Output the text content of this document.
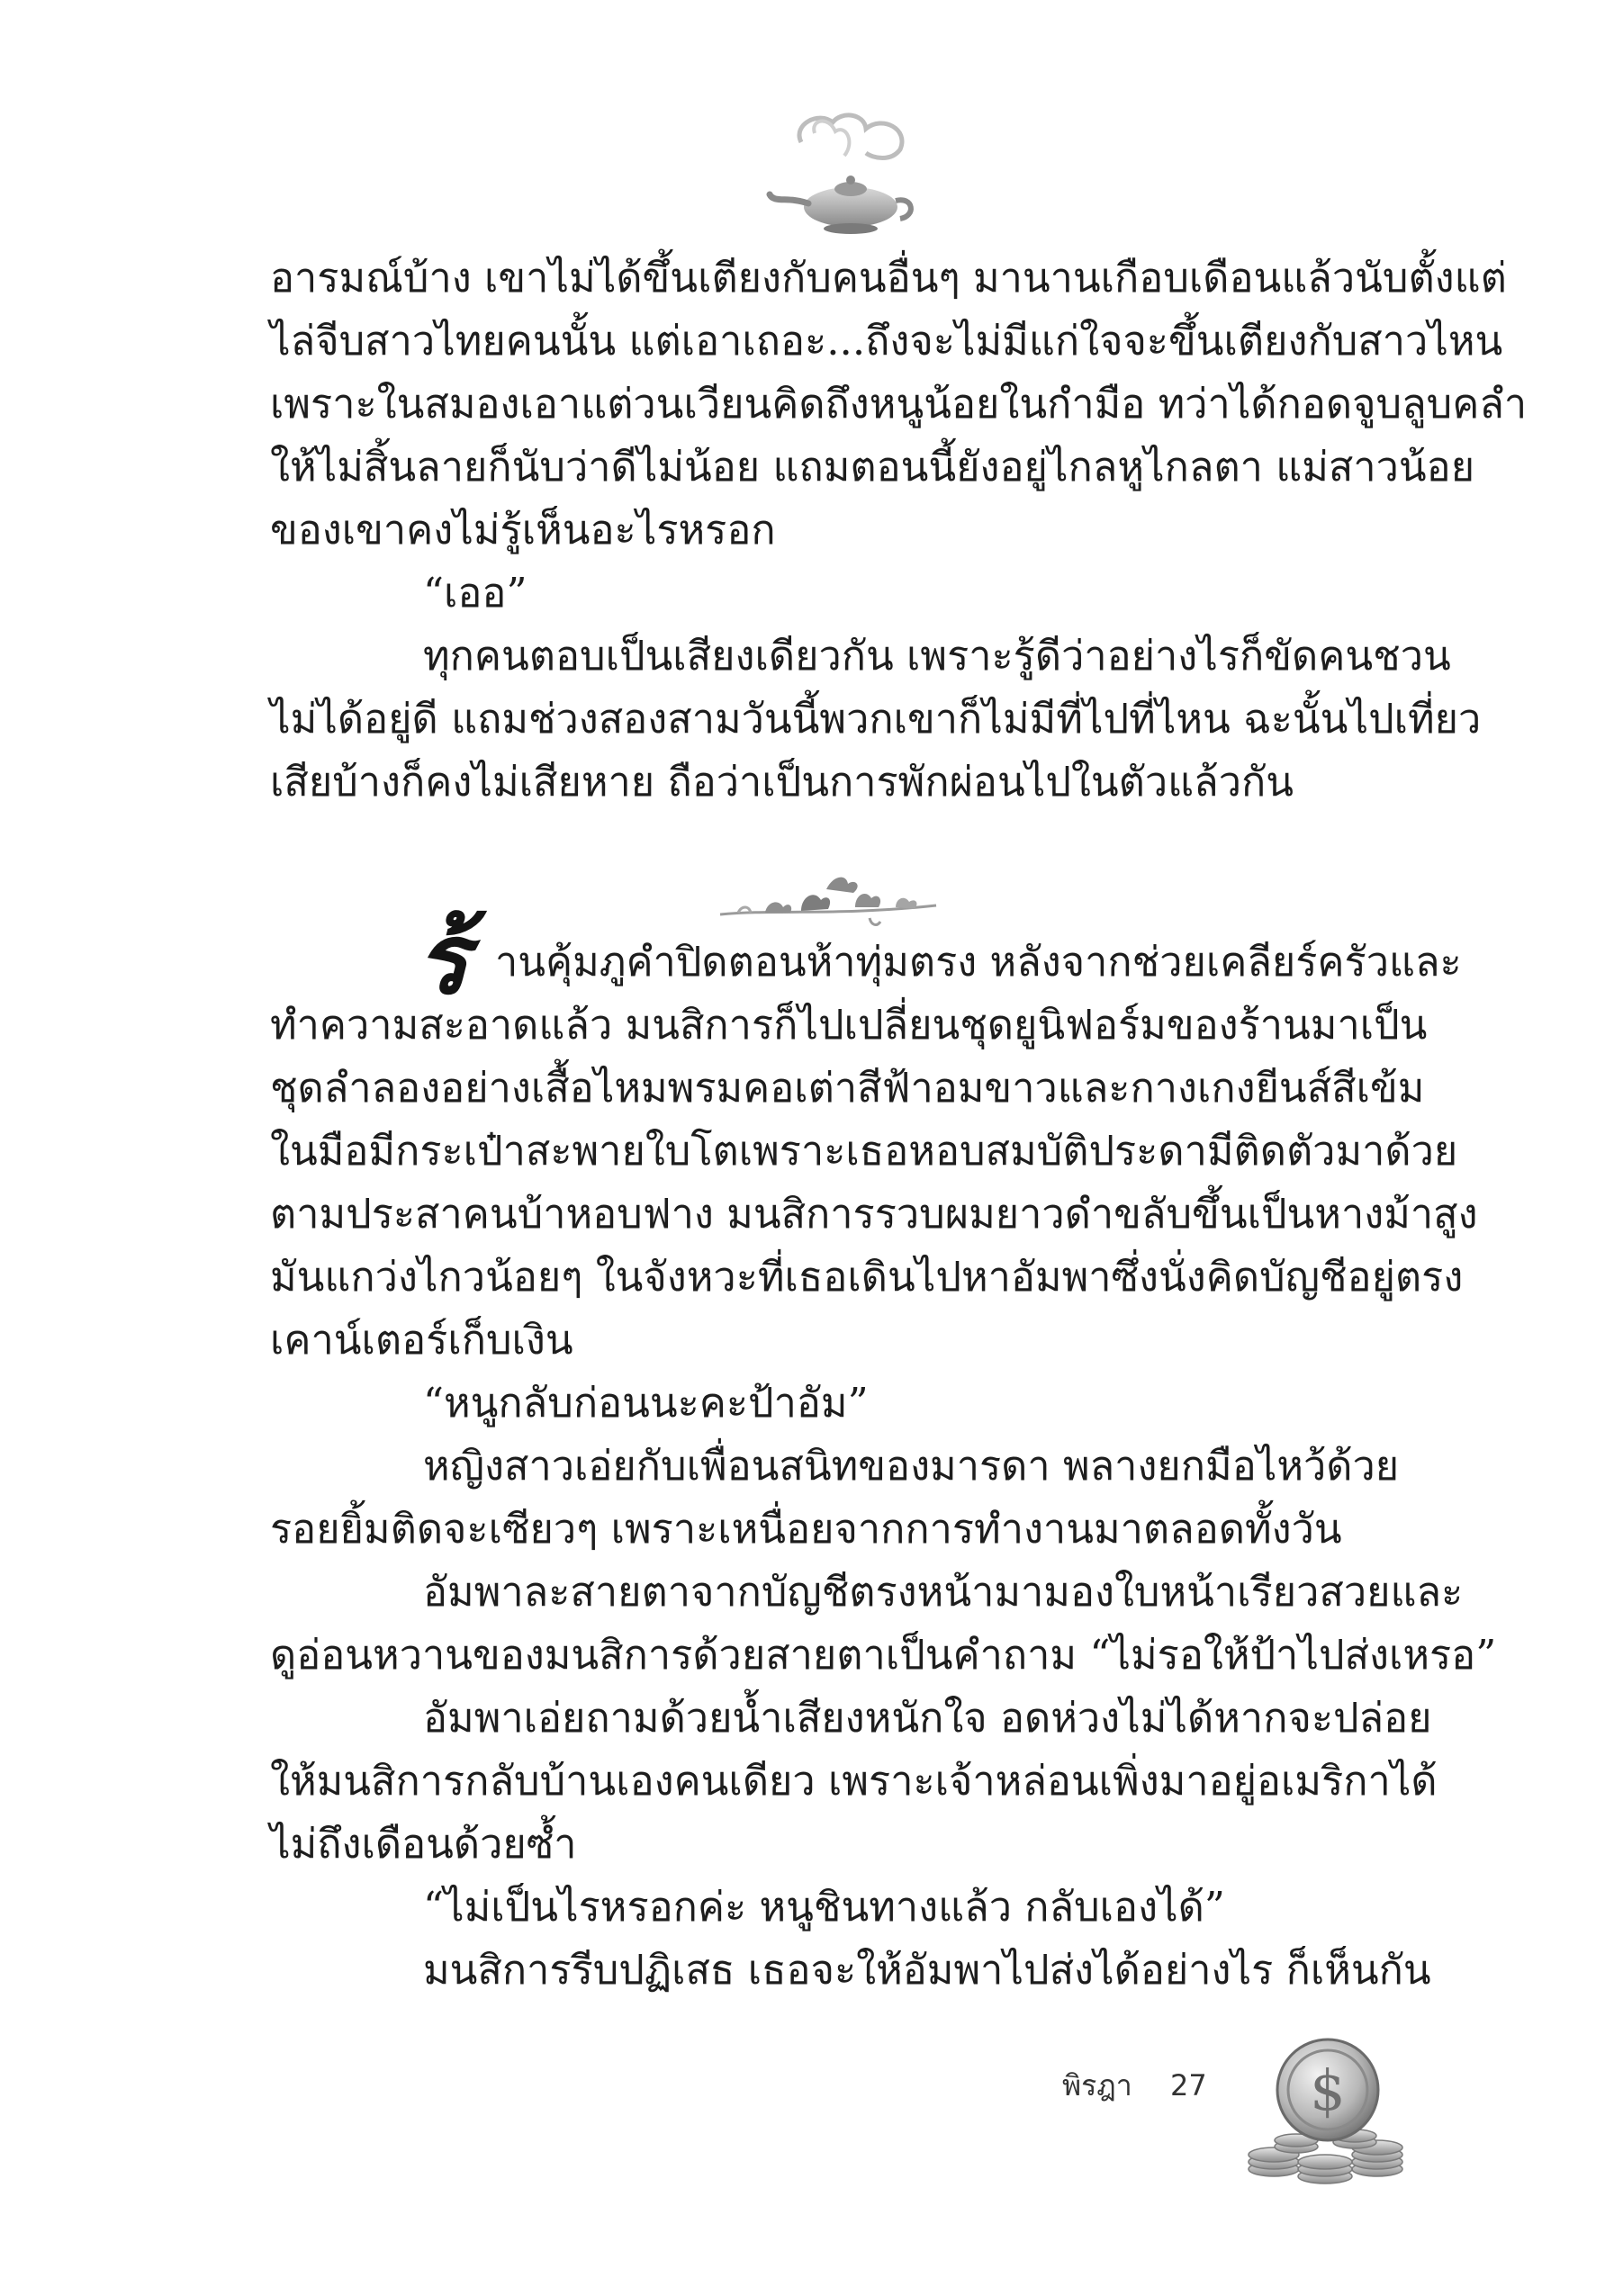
อารมณ์บ้าง เขาไม่ได้ขึ้นเตียงกับคนอื่นๆ มานานเกือบเดือนแล้วนับตั้งแต่
ไล่จีบสาวไทยคนนั้น แต่เอาเถอะ...ถึงจะไม่มีแก่ใจจะขึ้นเตียงกับสาวไหน
เพราะในสมองเอาแต่วนเวียนคิดถึงหนูน้อยในกำมือ ทว่าได้กอดจูบลูบคลำ
ให้ไม่สิ้นลายก็นับว่าดีไม่น้อย แถมตอนนี้ยังอยู่ไกลหูไกลตา แม่สาวน้อย
ของเขาคงไม่รู้เห็นอะไรหรอก
“เออ”
ทุกคนตอบเป็นเสียงเดียวกัน เพราะรู้ดีว่าอย่างไรก็ขัดคนชวน
ไม่ได้อยู่ดี แถมช่วงสองสามวันนี้พวกเขาก็ไม่มีที่ไปที่ไหน ฉะนั้นไปเที่ยว
เสียบ้างก็คงไม่เสียหาย ถือว่าเป็นการพักผ่อนไปในตัวแล้วกัน
ร้ านคุ้มภูคำปิดตอนห้าทุ่มตรง หลังจากช่วยเคลียร์ครัวและ
ทำความสะอาดแล้ว มนสิการก็ไปเปลี่ยนชุดยูนิฟอร์มของร้านมาเป็น
ชุดลำลองอย่างเสื้อไหมพรมคอเต่าสีฟ้าอมขาวและกางเกงยีนส์สีเข้ม
ในมือมีกระเป๋าสะพายใบโตเพราะเธอหอบสมบัติประดามีติดตัวมาด้วย
ตามประสาคนบ้าหอบฟาง มนสิการรวบผมยาวดำขลับขึ้นเป็นหางม้าสูง
มันแกว่งไกวน้อยๆ ในจังหวะที่เธอเดินไปหาอัมพาซึ่งนั่งคิดบัญชีอยู่ตรง
เคาน์เตอร์เก็บเงิน
“หนูกลับก่อนนะคะป้าอัม”
หญิงสาวเอ่ยกับเพื่อนสนิทของมารดา พลางยกมือไหว้ด้วย
รอยยิ้มติดจะเซียวๆ เพราะเหนื่อยจากการทำงานมาตลอดทั้งวัน
อัมพาละสายตาจากบัญชีตรงหน้ามามองใบหน้าเรียวสวยและ
ดูอ่อนหวานของมนสิการด้วยสายตาเป็นคำถาม “ไม่รอให้ป้าไปส่งเหรอ”
อัมพาเอ่ยถามด้วยน้ำเสียงหนักใจ อดห่วงไม่ได้หากจะปล่อย
ให้มนสิการกลับบ้านเองคนเดียว เพราะเจ้าหล่อนเพิ่งมาอยู่อเมริกาได้
ไม่ถึงเดือนด้วยซ้ำ
“ไม่เป็นไรหรอกค่ะ หนูชินทางแล้ว กลับเองได้”
มนสิการรีบปฏิเสธ เธอจะให้อัมพาไปส่งได้อย่างไร ก็เห็นกัน
พิรฎา 27 $
